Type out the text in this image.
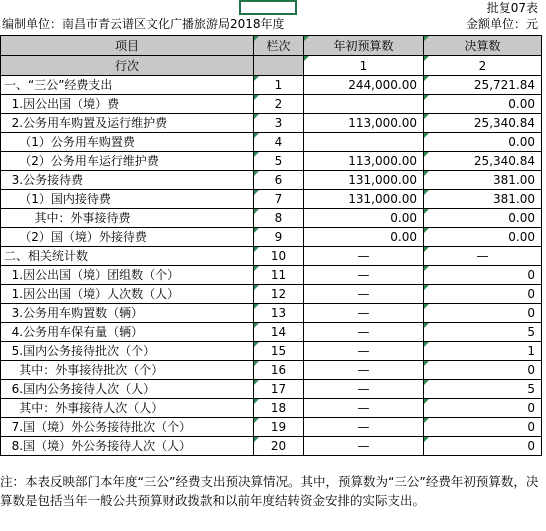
批复07表
编制单位：南昌市青云谱区文化广播旅游局2018年度	金额单位：元
项目	栏次	年初预算数	决算数
行次		1	2
一、“三公”经费支出	1	244,000.00	25,721.84
1.因公出国（境）费	2		0.00
2.公务用车购置及运行维护费	3	113,000.00	25,340.84
（1）公务用车购置费	4		0.00
（2）公务用车运行维护费	5	113,000.00	25,340.84
3.公务接待费	6	131,000.00	381.00
（1）国内接待费	7	131,000.00	381.00
其中：外事接待费	8	0.00	0.00
（2）国（境）外接待费	9	0.00	0.00
二、相关统计数	10	—	—
1.因公出国（境）团组数（个）	11	—	0
1.因公出国（境）人次数（人）	12	—	0
3.公务用车购置数（辆）	13	—	0
4.公务用车保有量（辆）	14	—	5
5.国内公务接待批次（个）	15	—	1
其中：外事接待批次（个）	16	—	0
6.国内公务接待人次（人）	17	—	5
其中：外事接待人次（人）	18	—	0
7.国（境）外公务接待批次（个）	19	—	0
8.国（境）外公务接待人次（人）	20	—	0
注：本表反映部门本年度“三公”经费支出预决算情况。其中，预算数为“三公”经费年初预算数，决算数是包括当年一般公共预算财政拨款和以前年度结转资金安排的实际支出。
